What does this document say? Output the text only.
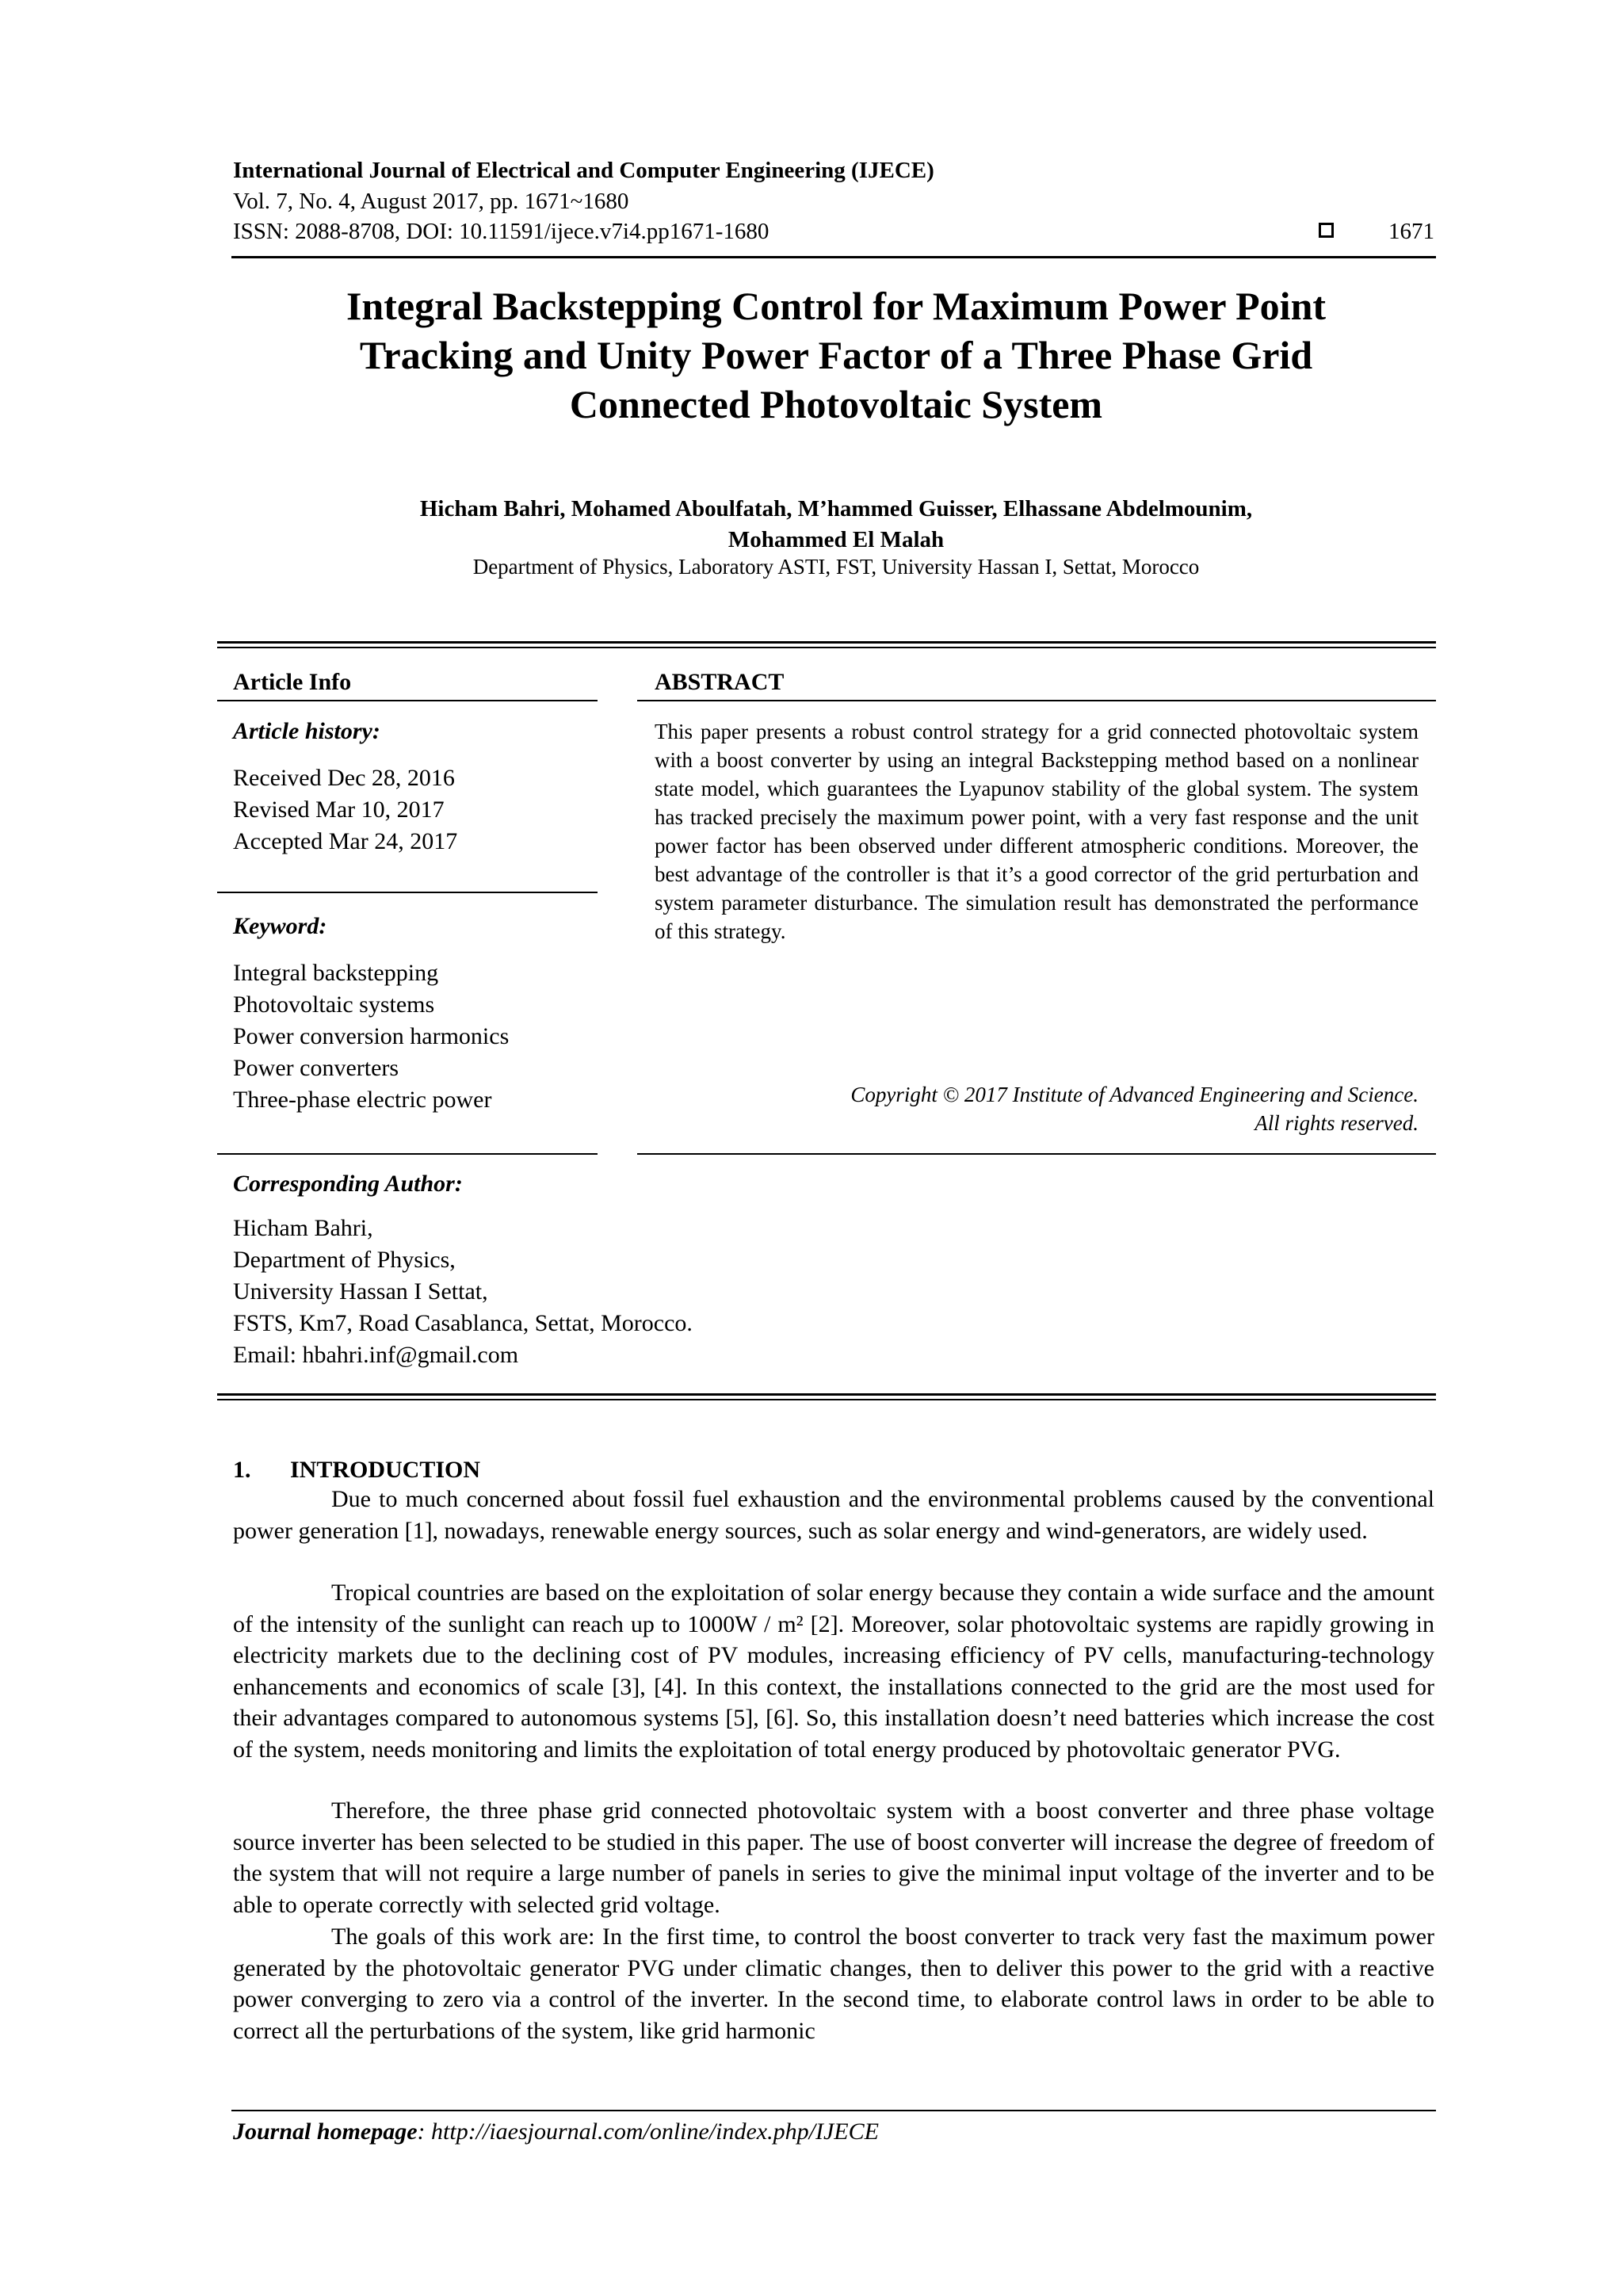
International Journal of Electrical and Computer Engineering (IJECE)
Vol. 7, No. 4, August 2017, pp. 1671~1680
ISSN: 2088-8708, DOI: 10.11591/ijece.v7i4.pp1671-1680	1671
Integral Backstepping Control for Maximum Power Point
Tracking and Unity Power Factor of a Three Phase Grid
Connected Photovoltaic System
Hicham Bahri, Mohamed Aboulfatah, M’hammed Guisser, Elhassane Abdelmounim,
Mohammed El Malah
Department of Physics, Laboratory ASTI, FST, University Hassan I, Settat, Morocco
Article Info	ABSTRACT
Article history:
Received Dec 28, 2016
Revised Mar 10, 2017
Accepted Mar 24, 2017
Keyword:
Integral backstepping
Photovoltaic systems
Power conversion harmonics
Power converters
Three-phase electric power

This paper presents a robust control strategy for a grid connected photovoltaic system with a boost converter by using an integral Backstepping method based on a nonlinear state model, which guarantees the Lyapunov stability of the global system. The system has tracked precisely the maximum power point, with a very fast response and the unit power factor has been observed under different atmospheric conditions. Moreover, the best advantage of the controller is that it’s a good corrector of the grid perturbation and system parameter disturbance. The simulation result has demonstrated the performance of this strategy.

Copyright © 2017 Institute of Advanced Engineering and Science.
All rights reserved.
Corresponding Author:
Hicham Bahri,
Department of Physics,
University Hassan I Settat,
FSTS, Km7, Road Casablanca, Settat, Morocco.
Email: hbahri.inf@gmail.com
1. INTRODUCTION

Due to much concerned about fossil fuel exhaustion and the environmental problems caused by the conventional power generation [1], nowadays, renewable energy sources, such as solar energy and wind-generators, are widely used.

Tropical countries are based on the exploitation of solar energy because they contain a wide surface and the amount of the intensity of the sunlight can reach up to 1000W / m² [2]. Moreover, solar photovoltaic systems are rapidly growing in electricity markets due to the declining cost of PV modules, increasing efficiency of PV cells, manufacturing-technology enhancements and economics of scale [3], [4]. In this context, the installations connected to the grid are the most used for their advantages compared to autonomous systems [5], [6]. So, this installation doesn’t need batteries which increase the cost of the system, needs monitoring and limits the exploitation of total energy produced by photovoltaic generator PVG.

Therefore, the three phase grid connected photovoltaic system with a boost converter and three phase voltage source inverter has been selected to be studied in this paper. The use of boost converter will increase the degree of freedom of the system that will not require a large number of panels in series to give the minimal input voltage of the inverter and to be able to operate correctly with selected grid voltage.

The goals of this work are: In the first time, to control the boost converter to track very fast the maximum power generated by the photovoltaic generator PVG under climatic changes, then to deliver this power to the grid with a reactive power converging to zero via a control of the inverter. In the second time, to elaborate control laws in order to be able to correct all the perturbations of the system, like grid harmonic

Journal homepage: http://iaesjournal.com/online/index.php/IJECE
